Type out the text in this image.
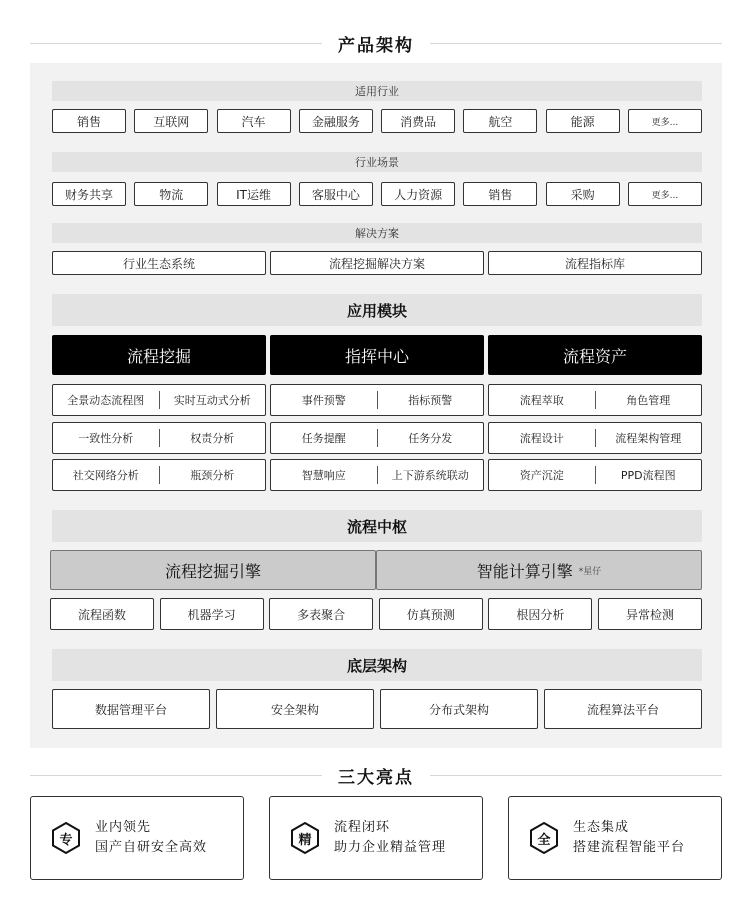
产品架构
适用行业
销售	互联网	汽车	金融服务	消费品	航空	能源	更多...
行业场景
财务共享	物流	IT运维	客服中心	人力资源	销售	采购	更多...
解决方案
行业生态系统	流程挖掘解决方案	流程指标库
应用模块
流程挖掘	指挥中心	流程资产
全景动态流程图	实时互动式分析	事件预警	指标预警	流程萃取	角色管理
一致性分析	权责分析	任务提醒	任务分发	流程设计	流程架构管理
社交网络分析	瓶颈分析	智慧响应	上下游系统联动	资产沉淀	PPD流程图
流程中枢
流程挖掘引擎	智能计算引擎 *星仔
流程函数	机器学习	多表聚合	仿真预测	根因分析	异常检测
底层架构
数据管理平台	安全架构	分布式架构	流程算法平台
三大亮点
专
业内领先
国产自研安全高效	精
流程闭环
助力企业精益管理	全
生态集成
搭建流程智能平台
